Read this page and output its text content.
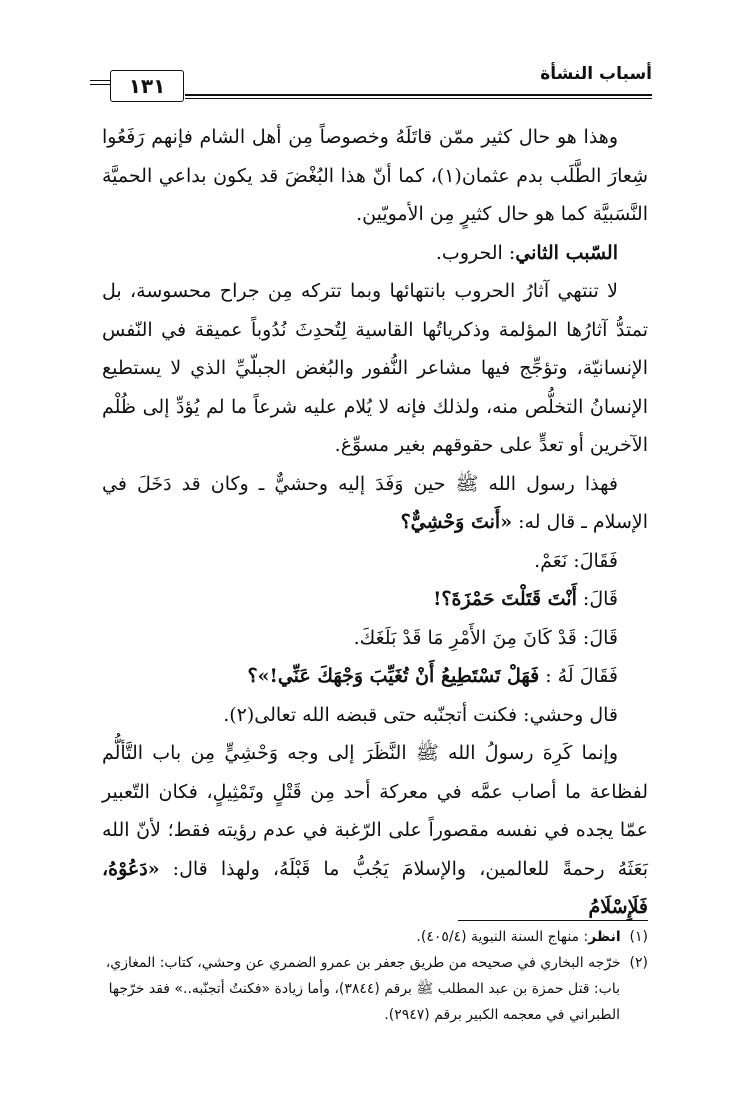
أسباب النشأة
١٣١

وهذا هو حال كثير ممّن قاتَلَهُ وخصوصاً مِن أهل الشام فإنهم رَفَعُوا شِعارَ الطَّلَب بدم عثمان(١)، كما أنّ هذا البُغْضَ قد يكون بداعي الحميَّة النَّسَبيَّة كما هو حال كثيرٍ مِن الأمويّين.

السّبب الثاني: الحروب.

لا تنتهي آثارُ الحروب بانتهائها وبما تتركه مِن جراح محسوسة، بل تمتدُّ آثارُها المؤلمة وذكرياتُها القاسية لِتُحدِثَ نُدُوباً عميقة في النّفس الإنسانيّة، وتؤجِّج فيها مشاعر النُّفور والبُغض الجبلّيِّ الذي لا يستطيع الإنسانُ التخلُّص منه، ولذلك فإنه لا يُلام عليه شرعاً ما لم يُؤدِّ إلى ظُلْم الآخرين أو تعدٍّ على حقوقهم بغير مسوِّغ.

فهذا رسول الله ﷺ حين وَفَدَ إليه وحشيٌّ ـ وكان قد دَخَلَ في الإسلام ـ قال له: «أَنتَ وَحْشِيٌّ؟

فَقَالَ: نَعَمْ.

قَالَ: أَنْتَ قَتَلْتَ حَمْزَةَ؟!

قَالَ: قَدْ كَانَ مِنَ الأَمْرِ مَا قَدْ بَلَغَكَ.

فَقَالَ لَهُ : فَهَلْ تَسْتَطِيعُ أَنْ تُغَيِّبَ وَجْهَكَ عَنِّي!»؟

قال وحشي: فكنت أتجنّبه حتى قبضه الله تعالى(٢).

وإنما كَرِهَ رسولُ الله ﷺ النَّظَرَ إلى وجه وَحْشِيٍّ مِن باب التَّألُّم لفظاعة ما أصاب عمَّه في معركة أحد مِن قَتْلٍ وتَمْثِيلٍ، فكان التّعبير عمّا يجده في نفسه مقصوراً على الرّغبة في عدم رؤيته فقط؛ لأنّ الله بَعَثَهُ رحمةً للعالمين، والإسلامَ يَجُبُّ ما قَبْلَهُ، ولهذا قال: «دَعُوْهُ، فَلَإِسْلَامُ

(١)  انظر: منهاج السنة النبوية (٤٠٥/٤).

(٢)  خرّجه البخاري في صحيحه من طريق جعفر بن عمرو الضمري عن وحشي، كتاب: المغازي، باب: قتل حمزة بن عبد المطلب ﷺ برقم (٣٨٤٤)، وأما زيادة «فكنتُ أتجنّبه..» فقد خرّجها الطبراني في معجمه الكبير برقم (٢٩٤٧).
